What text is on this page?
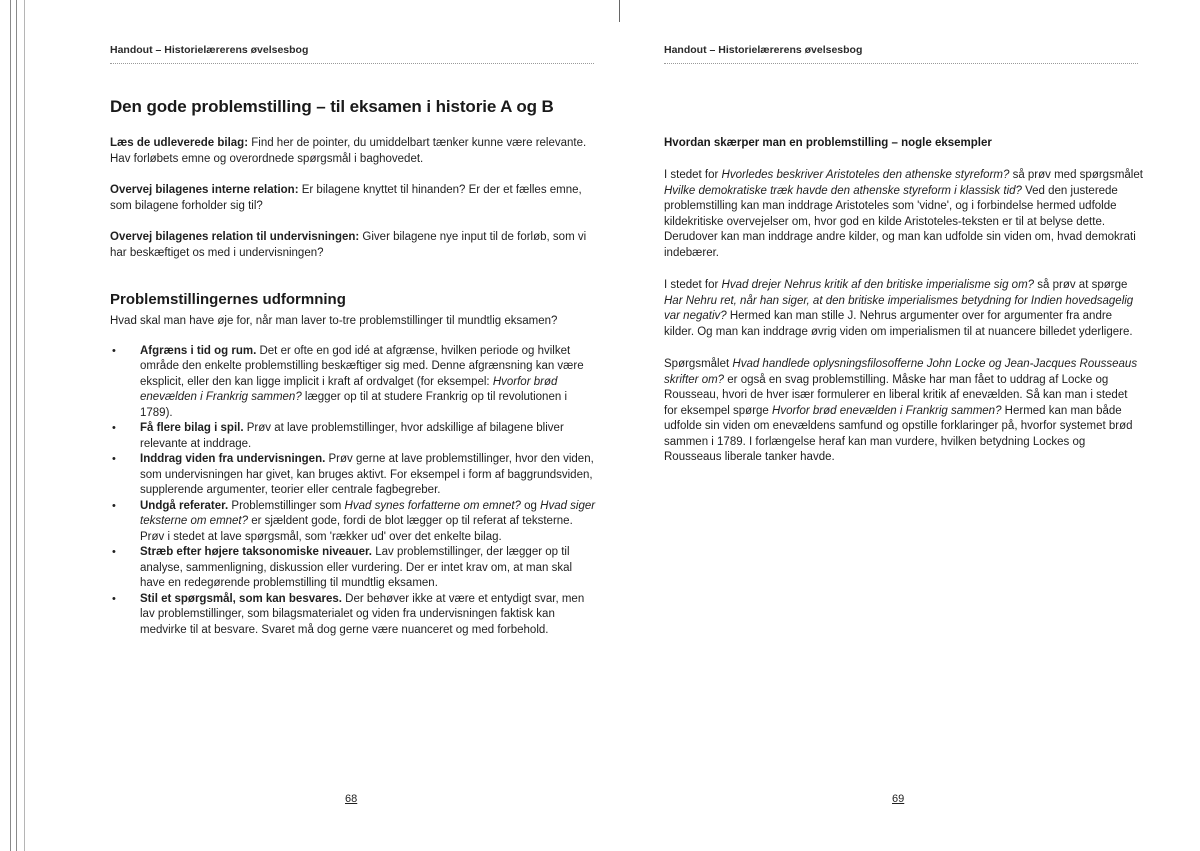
Handout – Historielærerens øvelsesbog
Den gode problemstilling – til eksamen i historie A og B

Læs de udleverede bilag: Find her de pointer, du umiddelbart tænker kunne være relevante. Hav forløbets emne og overordnede spørgsmål i baghovedet.

Overvej bilagenes interne relation: Er bilagene knyttet til hinanden? Er der et fælles emne, som bilagene forholder sig til?

Overvej bilagenes relation til undervisningen: Giver bilagene nye input til de forløb, som vi har beskæftiget os med i undervisningen?

Problemstillingernes udformning

Hvad skal man have øje for, når man laver to-tre problemstillinger til mundtlig eksamen?

• Afgræns i tid og rum. Det er ofte en god idé at afgrænse, hvilken periode og hvilket område den enkelte problemstilling beskæftiger sig med. Denne afgrænsning kan være eksplicit, eller den kan ligge implicit i kraft af ordvalget (for eksempel: Hvorfor brød enevælden i Frankrig sammen? lægger op til at studere Frankrig op til revolutionen i 1789).
• Få flere bilag i spil. Prøv at lave problemstillinger, hvor adskillige af bilagene bliver relevante at inddrage.
• Inddrag viden fra undervisningen. Prøv gerne at lave problemstillinger, hvor den viden, som undervisningen har givet, kan bruges aktivt. For eksempel i form af baggrundsviden, supplerende argumenter, teorier eller centrale fagbegreber.
• Undgå referater. Problemstillinger som Hvad synes forfatterne om emnet? og Hvad siger teksterne om emnet? er sjældent gode, fordi de blot lægger op til referat af teksterne. Prøv i stedet at lave spørgsmål, som 'rækker ud' over det enkelte bilag.
• Stræb efter højere taksonomiske niveauer. Lav problemstillinger, der lægger op til analyse, sammenligning, diskussion eller vurdering. Der er intet krav om, at man skal have en redegørende problemstilling til mundtlig eksamen.
• Stil et spørgsmål, som kan besvares. Der behøver ikke at være et entydigt svar, men lav problemstillinger, som bilagsmaterialet og viden fra undervisningen faktisk kan medvirke til at besvare. Svaret må dog gerne være nuanceret og med forbehold.
68
Handout – Historielærerens øvelsesbog
Hvordan skærper man en problemstilling – nogle eksempler

I stedet for Hvorledes beskriver Aristoteles den athenske styreform? så prøv med spørgsmålet Hvilke demokratiske træk havde den athenske styreform i klassisk tid? Ved den justerede problemstilling kan man inddrage Aristoteles som 'vidne', og i forbindelse hermed udfolde kildekritiske overvejelser om, hvor god en kilde Aristoteles-teksten er til at belyse dette. Derudover kan man inddrage andre kilder, og man kan udfolde sin viden om, hvad demokrati indebærer.

I stedet for Hvad drejer Nehrus kritik af den britiske imperialisme sig om? så prøv at spørge Har Nehru ret, når han siger, at den britiske imperialismes betydning for Indien hovedsagelig var negativ? Hermed kan man stille J. Nehrus argumenter over for argumenter fra andre kilder. Og man kan inddrage øvrig viden om imperialismen til at nuancere billedet yderligere.

Spørgsmålet Hvad handlede oplysningsfilosofferne John Locke og Jean-Jacques Rousseaus skrifter om? er også en svag problemstilling. Måske har man fået to uddrag af Locke og Rousseau, hvori de hver især formulerer en liberal kritik af enevælden. Så kan man i stedet for eksempel spørge Hvorfor brød enevælden i Frankrig sammen? Hermed kan man både udfolde sin viden om enevældens samfund og opstille forklaringer på, hvorfor systemet brød sammen i 1789. I forlængelse heraf kan man vurdere, hvilken betydning Lockes og Rousseaus liberale tanker havde.

69
